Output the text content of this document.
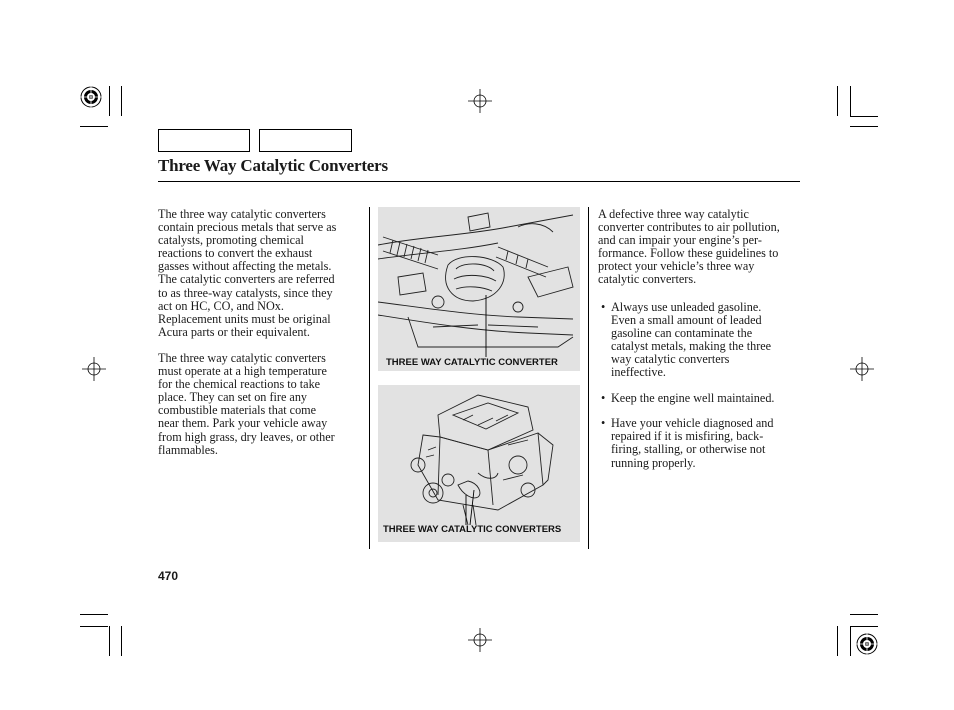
Three Way Catalytic Converters

The three way catalytic converters
contain precious metals that serve as
catalysts, promoting chemical
reactions to convert the exhaust
gasses without affecting the metals.
The catalytic converters are referred
to as three-way catalysts, since they
act on HC, CO, and NOx.
Replacement units must be original
Acura parts or their equivalent.

The three way catalytic converters
must operate at a high temperature
for the chemical reactions to take
place. They can set on fire any
combustible materials that come
near them. Park your vehicle away
from high grass, dry leaves, or other
flammables.

THREE WAY CATALYTIC CONVERTER
THREE WAY CATALYTIC CONVERTERS

A defective three way catalytic
converter contributes to air pollution,
and can impair your engine’s per-
formance. Follow these guidelines to
protect your vehicle’s three way
catalytic converters.

• Always use unleaded gasoline.
Even a small amount of leaded
gasoline can contaminate the
catalyst metals, making the three
way catalytic converters
ineffective.
• Keep the engine well maintained.
• Have your vehicle diagnosed and
repaired if it is misfiring, back-
firing, stalling, or otherwise not
running properly.
470
